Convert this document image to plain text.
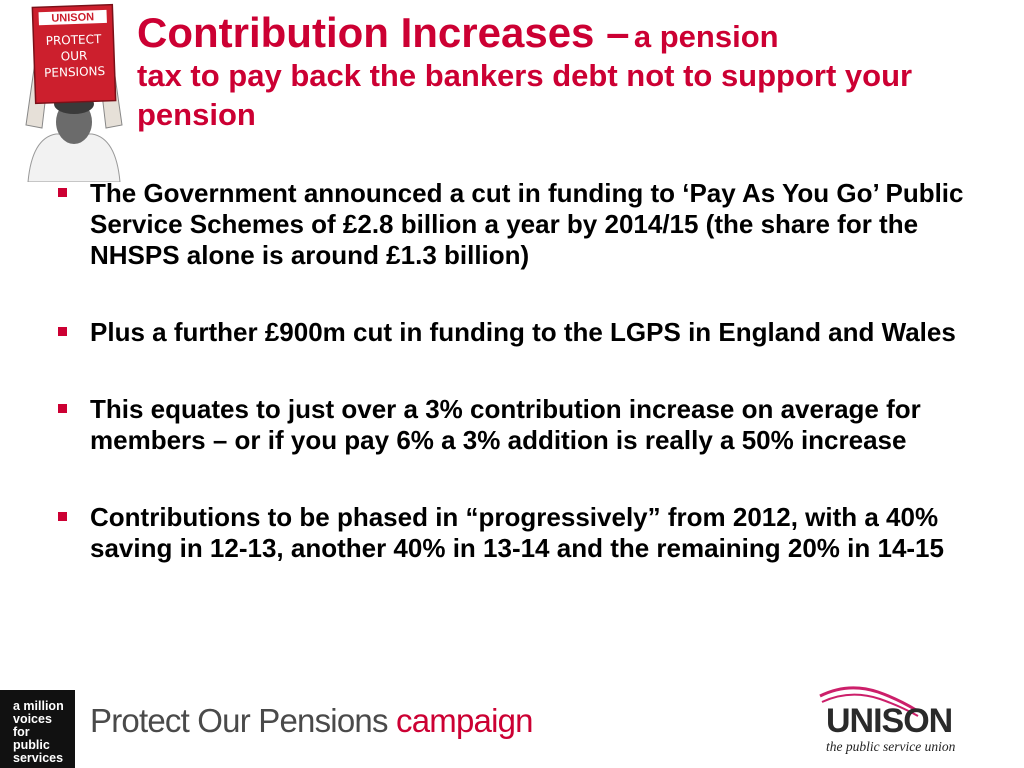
UNISON
PROTECT
OUR
PENSIONS
Contribution Increases – a pension
tax to pay back the bankers debt not to support your pension
The Government announced a cut in funding to ‘Pay As You Go’ Public Service Schemes of £2.8 billion a year by 2014/15 (the share for the NHSPS alone is around £1.3 billion)
Plus a further £900m cut in funding to the LGPS in England and Wales
This equates to just over a 3% contribution increase on average for members – or if you pay 6% a 3% addition is really a 50% increase
Contributions to be phased in “progressively” from 2012, with a 40% saving in 12-13, another 40% in 13-14 and the remaining 20% in 14-15
a million
voices
for
public
services
Protect Our Pensions campaign	UNISON
the public service union
